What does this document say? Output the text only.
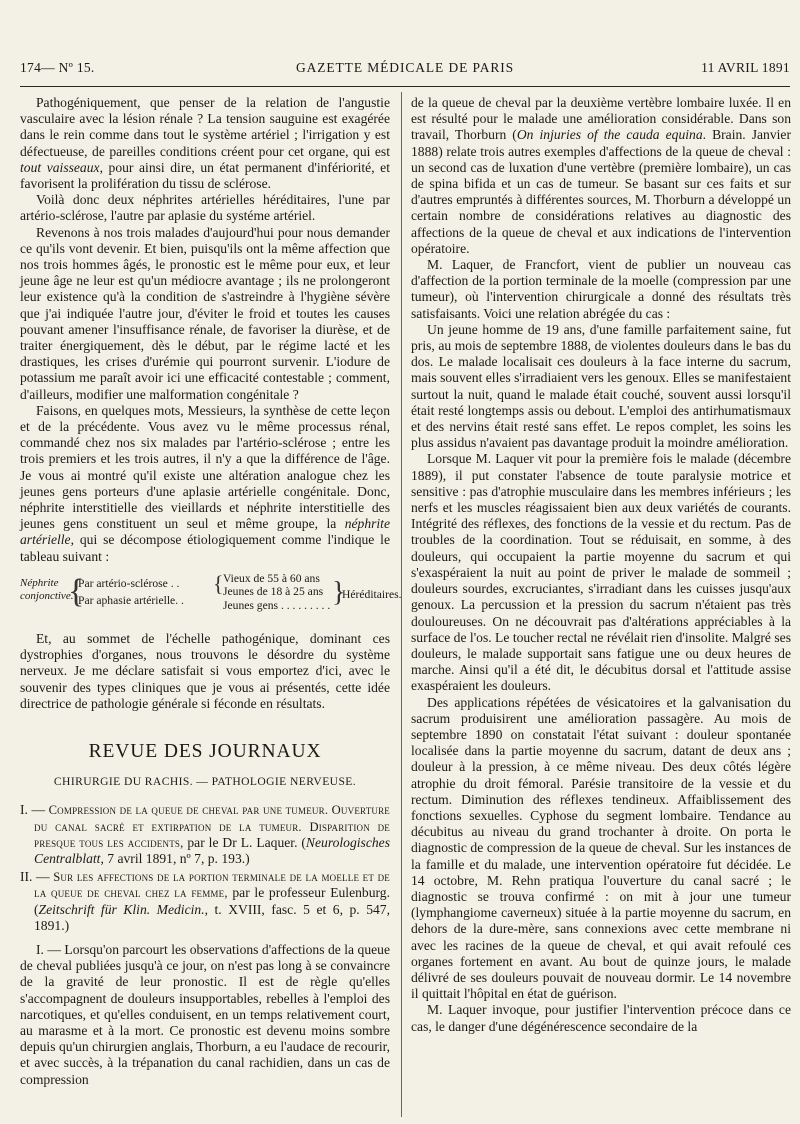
174— Nº 15.	GAZETTE MÉDICALE DE PARIS	11 AVRIL 1891

Pathogéniquement, que penser de la relation de l'angustie vasculaire avec la lésion rénale ? La tension sauguine est exagérée dans le rein comme dans tout le système artériel ; l'irrigation y est défectueuse, de pareilles conditions créent pour cet organe, qui est tout vaisseaux, pour ainsi dire, un état permanent d'infériorité, et favorisent la prolifération du tissu de sclérose.

Voilà donc deux néphrites artérielles héréditaires, l'une par artério-sclérose, l'autre par aplasie du systéme artériel.

Revenons à nos trois malades d'aujourd'hui pour nous demander ce qu'ils vont devenir. Et bien, puisqu'ils ont la même affection que nos trois hommes âgés, le pronostic est le même pour eux, et leur jeune âge ne leur est qu'un médiocre avantage ; ils ne prolongeront leur existence qu'à la condition de s'astreindre à l'hygiène sévère que j'ai indiquée l'autre jour, d'éviter le froid et toutes les causes pouvant amener l'insuffisance rénale, de favoriser la diurèse, et de traiter énergiquement, dès le début, par le régime lacté et les drastiques, les crises d'urémie qui pourront survenir. L'iodure de potassium me paraît avoir ici une efficacité contestable ; comment, d'ailleurs, modifier une malformation congénitale ?

Faisons, en quelques mots, Messieurs, la synthèse de cette leçon et de la précédente. Vous avez vu le même processus rénal, commandé chez nos six malades par l'artério-sclérose ; entre les trois premiers et les trois autres, il n'y a que la différence de l'âge. Je vous ai montré qu'il existe une altération analogue chez les jeunes gens porteurs d'une aplasie artérielle congénitale. Donc, néphrite interstitielle des vieillards et néphrite interstitielle des jeunes gens constituent un seul et même groupe, la néphrite artérielle, qui se décompose étiologiquement comme l'indique le tableau suivant :

Néphrite conjonctive.
{
Par artério-sclérose . .
Par aphasie artérielle. .
{ Vieux de 55 à 60 ans
Jeunes de 18 à 25 ans
Jeunes gens . . . . . . . . . }
Héréditaires.

Et, au sommet de l'échelle pathogénique, dominant ces dystrophies d'organes, nous trouvons le désordre du système nerveux. Je me déclare satisfait si vous emportez d'ici, avec le souvenir des types cliniques que je vous ai présentés, cette idée directrice de pathologie générale si féconde en résultats.

REVUE DES JOURNAUX
CHIRURGIE DU RACHIS. — PATHOLOGIE NERVEUSE.

I. — Compression de la queue de cheval par une tumeur. Ouverture du canal sacré et extirpation de la tumeur. Disparition de presque tous les accidents, par le Dr L. Laquer. (Neurologisches Centralblatt, 7 avril 1891, nº 7, p. 193.)

II. — Sur les affections de la portion terminale de la moelle et de la queue de cheval chez la femme, par le professeur Eulenburg. (Zeitschrift für Klin. Medicin., t. XVIII, fasc. 5 et 6, p. 547, 1891.)

I. — Lorsqu'on parcourt les observations d'affections de la queue de cheval publiées jusqu'à ce jour, on n'est pas long à se convaincre de la gravité de leur pronostic. Il est de règle qu'elles s'accompagnent de douleurs insupportables, rebelles à l'emploi des narcotiques, et qu'elles conduisent, en un temps relativement court, au marasme et à la mort. Ce pronostic est devenu moins sombre depuis qu'un chirurgien anglais, Thorburn, a eu l'audace de recourir, et avec succès, à la trépanation du canal rachidien, dans un cas de compression

de la queue de cheval par la deuxième vertèbre lombaire luxée. Il en est résulté pour le malade une amélioration considérable. Dans son travail, Thorburn (On injuries of the cauda equina. Brain. Janvier 1888) relate trois autres exemples d'affections de la queue de cheval : un second cas de luxation d'une vertèbre (première lombaire), un cas de spina bifida et un cas de tumeur. Se basant sur ces faits et sur d'autres empruntés à différentes sources, M. Thorburn a développé un certain nombre de considérations relatives au diagnostic des affections de la queue de cheval et aux indications de l'intervention opératoire.

M. Laquer, de Francfort, vient de publier un nouveau cas d'affection de la portion terminale de la moelle (compression par une tumeur), où l'intervention chirurgicale a donné des résultats très satisfaisants. Voici une relation abrégée du cas :

Un jeune homme de 19 ans, d'une famille parfaitement saine, fut pris, au mois de septembre 1888, de violentes douleurs dans le bas du dos. Le malade localisait ces douleurs à la face interne du sacrum, mais souvent elles s'irradiaient vers les genoux. Elles se manifestaient surtout la nuit, quand le malade était couché, souvent aussi lorsqu'il était resté longtemps assis ou debout. L'emploi des antirhumatismaux et des nervins était resté sans effet. Le repos complet, les soins les plus assidus n'avaient pas davantage produit la moindre amélioration.

Lorsque M. Laquer vit pour la première fois le malade (décembre 1889), il put constater l'absence de toute paralysie motrice et sensitive : pas d'atrophie musculaire dans les membres inférieurs ; les nerfs et les muscles réagissaient bien aux deux variétés de courants. Intégrité des réflexes, des fonctions de la vessie et du rectum. Pas de troubles de la coordination. Tout se réduisait, en somme, à des douleurs, qui occupaient la partie moyenne du sacrum et qui s'exaspéraient la nuit au point de priver le malade de sommeil ; douleurs sourdes, excruciantes, s'irradiant dans les cuisses jusqu'aux genoux. La percussion et la pression du sacrum n'étaient pas très douloureuses. On ne découvrait pas d'altérations appréciables à la surface de l'os. Le toucher rectal ne révélait rien d'insolite. Malgré ses douleurs, le malade supportait sans fatigue une ou deux heures de marche. Ainsi qu'il a été dit, le décubitus dorsal et l'attitude assise exaspéraient les douleurs.

Des applications répétées de vésicatoires et la galvanisation du sacrum produisirent une amélioration passagère. Au mois de septembre 1890 on constatait l'état suivant : douleur spontanée localisée dans la partie moyenne du sacrum, datant de deux ans ; douleur à la pression, à ce même niveau. Des deux côtés légère atrophie du droit fémoral. Parésie transitoire de la vessie et du rectum. Diminution des réflexes tendineux. Affaiblissement des fonctions sexuelles. Cyphose du segment lombaire. Tendance au décubitus au niveau du grand trochanter à droite. On porta le diagnostic de compression de la queue de cheval. Sur les instances de la famille et du malade, une intervention opératoire fut décidée. Le 14 octobre, M. Rehn pratiqua l'ouverture du canal sacré ; le diagnostic se trouva confirmé : on mit à jour une tumeur (lymphangiome caverneux) située à la partie moyenne du sacrum, en dehors de la dure-mère, sans connexions avec cette membrane ni avec les racines de la queue de cheval, et qui avait refoulé ces organes fortement en avant. Au bout de quinze jours, le malade délivré de ses douleurs pouvait de nouveau dormir. Le 14 novembre il quittait l'hôpital en état de guérison.

M. Laquer invoque, pour justifier l'intervention précoce dans ce cas, le danger d'une dégénérescence secondaire de la
